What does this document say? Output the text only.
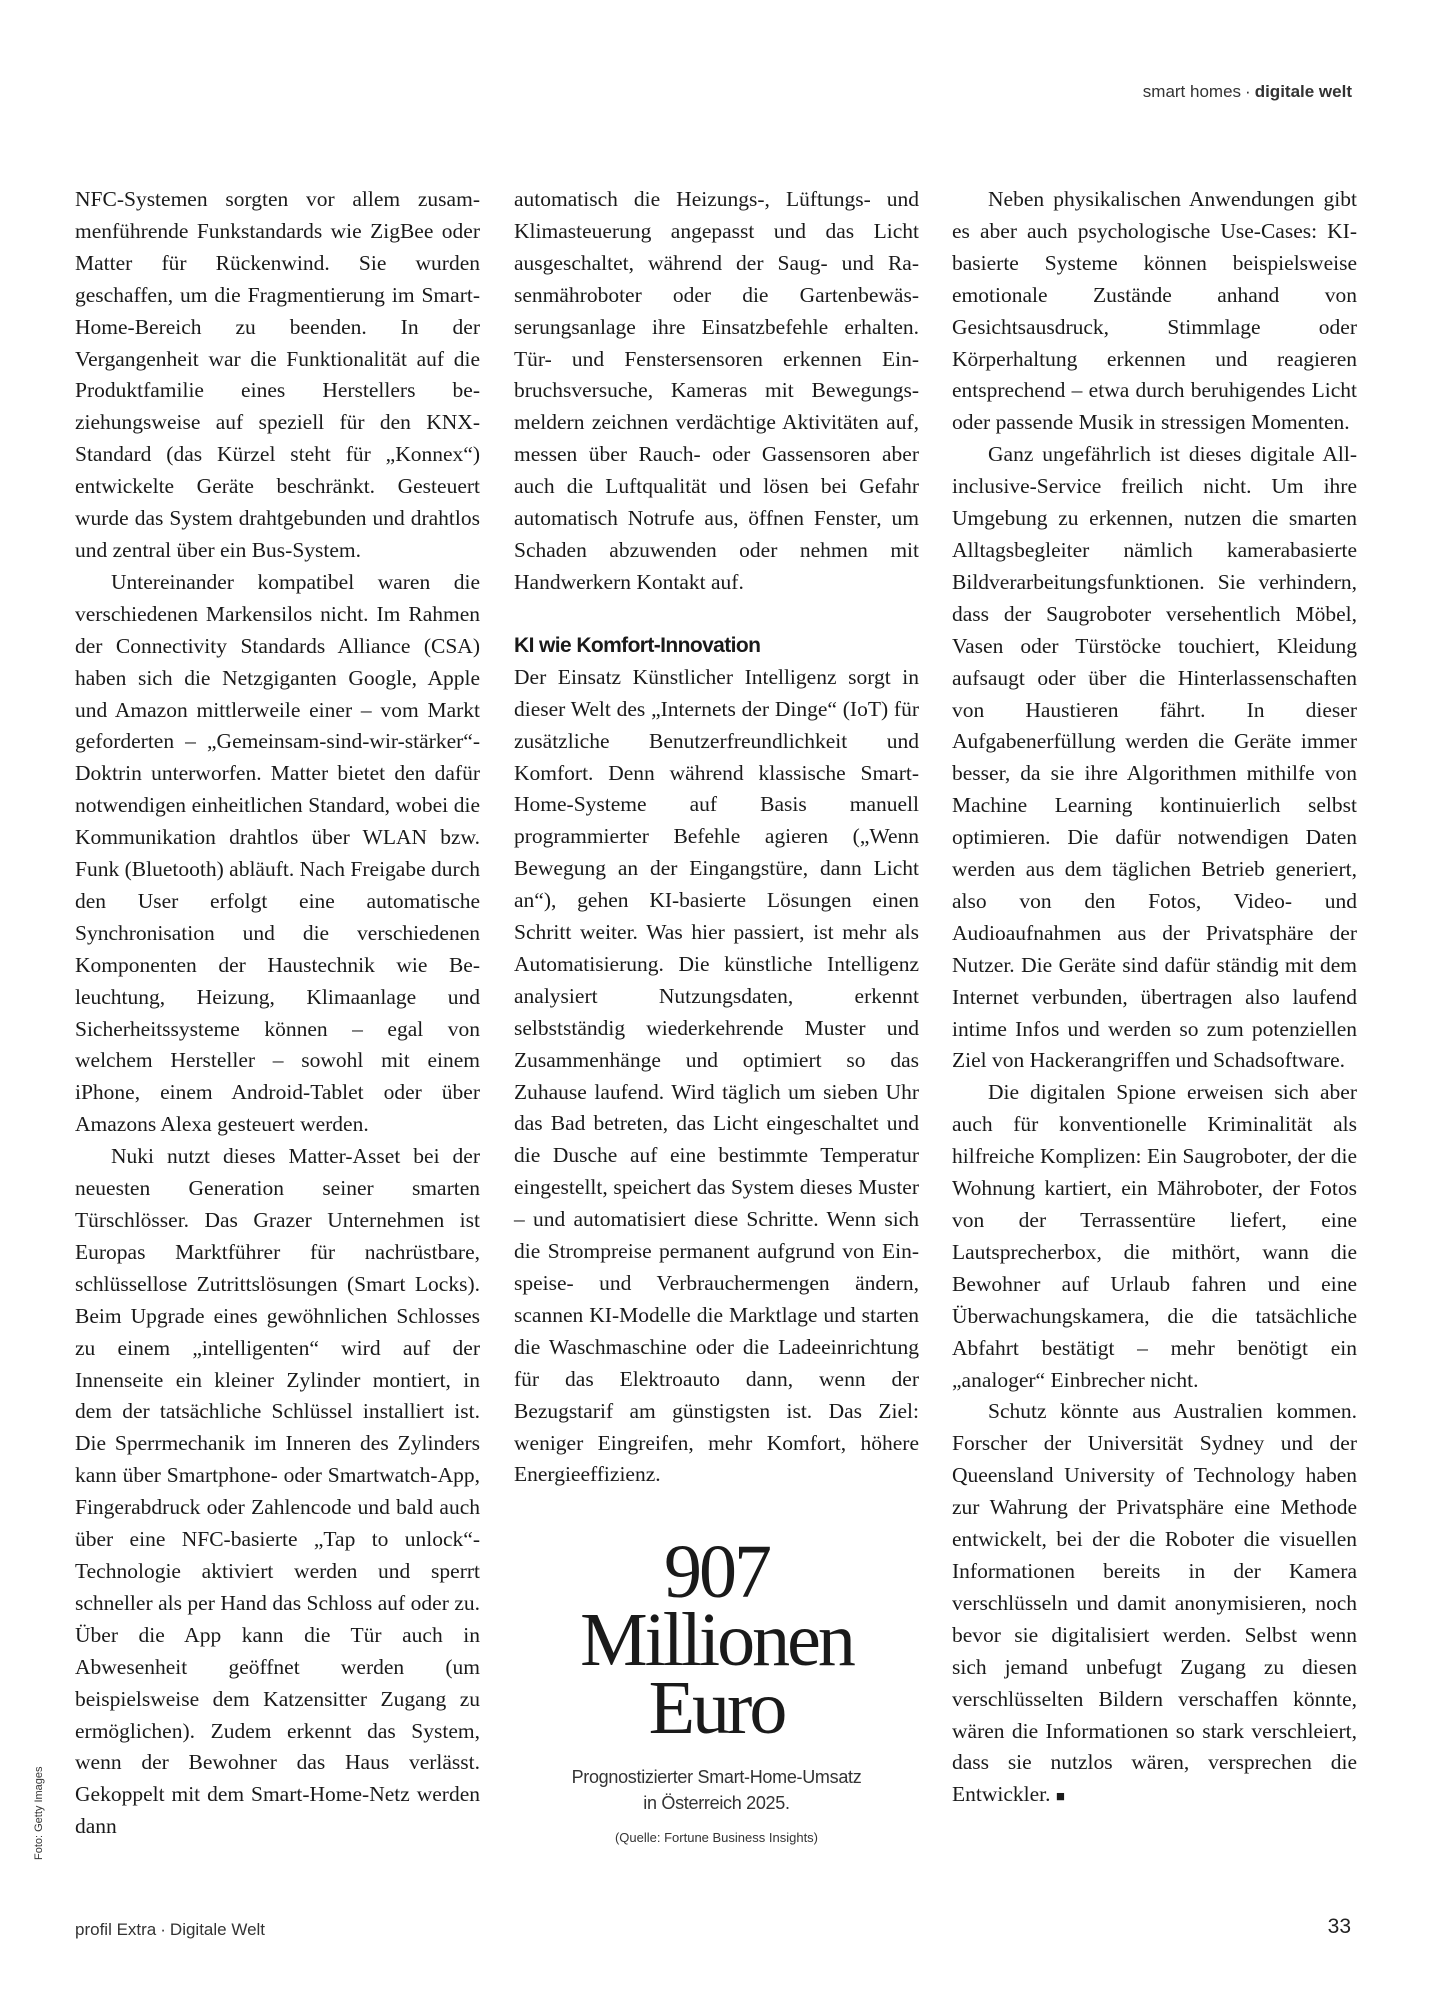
smart homes · digitale welt

NFC-Systemen sorgten vor allem zusammenführende Funkstandards wie ZigBee oder Matter für Rückenwind. Sie wurden geschaffen, um die Fragmentierung im Smart-Home-Bereich zu beenden. In der Vergangenheit war die Funktionalität auf die Produktfamilie eines Herstellers beziehungsweise auf speziell für den KNX-Standard (das Kürzel steht für „Konnex“) entwickelte Geräte beschränkt. Gesteuert wurde das System drahtgebunden und drahtlos und zentral über ein Bus-System.

Untereinander kompatibel waren die verschiedenen Markensilos nicht. Im Rahmen der Connectivity Standards Alliance (CSA) haben sich die Netzgiganten Google, Apple und Amazon mittlerweile einer – vom Markt geforderten – „Gemeinsam-sind-wir-stärker“-Doktrin unterworfen. Matter bietet den dafür notwendigen einheitlichen Standard, wobei die Kommunikation drahtlos über WLAN bzw. Funk (Bluetooth) abläuft. Nach Freigabe durch den User erfolgt eine automatische Synchronisation und die verschiedenen Komponenten der Haustechnik wie Beleuchtung, Heizung, Klimaanlage und Sicherheitssysteme können – egal von welchem Hersteller – sowohl mit einem iPhone, einem Android-Tablet oder über Amazons Alexa gesteuert werden.

Nuki nutzt dieses Matter-Asset bei der neuesten Generation seiner smarten Türschlösser. Das Grazer Unternehmen ist Europas Marktführer für nachrüstbare, schlüssellose Zutrittslösungen (Smart Locks). Beim Upgrade eines gewöhnlichen Schlosses zu einem „intelligenten“ wird auf der Innenseite ein kleiner Zylinder montiert, in dem der tatsächliche Schlüssel installiert ist. Die Sperrmechanik im Inneren des Zylinders kann über Smartphone- oder Smartwatch-App, Fingerabdruck oder Zahlencode und bald auch über eine NFC-basierte „Tap to unlock“-Technologie aktiviert werden und sperrt schneller als per Hand das Schloss auf oder zu. Über die App kann die Tür auch in Abwesenheit geöffnet werden (um beispielsweise dem Katzensitter Zugang zu ermöglichen). Zudem erkennt das System, wenn der Bewohner das Haus verlässt. Gekoppelt mit dem Smart-Home-Netz werden dann

automatisch die Heizungs-, Lüftungs- und Klimasteuerung angepasst und das Licht ausgeschaltet, während der Saug- und Rasenmähroboter oder die Gartenbewässerungsanlage ihre Einsatzbefehle erhalten. Tür- und Fenstersensoren erkennen Einbruchsversuche, Kameras mit Bewegungsmeldern zeichnen verdächtige Aktivitäten auf, messen über Rauch- oder Gassensoren aber auch die Luftqualität und lösen bei Gefahr automatisch Notrufe aus, öffnen Fenster, um Schaden abzuwenden oder nehmen mit Handwerkern Kontakt auf.

KI wie Komfort-Innovation

Der Einsatz Künstlicher Intelligenz sorgt in dieser Welt des „Internets der Dinge“ (IoT) für zusätzliche Benutzerfreundlichkeit und Komfort. Denn während klassische Smart-Home-Systeme auf Basis manuell programmierter Befehle agieren („Wenn Bewegung an der Eingangstüre, dann Licht an“), gehen KI-basierte Lösungen einen Schritt weiter. Was hier passiert, ist mehr als Automatisierung. Die künstliche Intelligenz analysiert Nutzungsdaten, erkennt selbstständig wiederkehrende Muster und Zusammenhänge und optimiert so das Zuhause laufend. Wird täglich um sieben Uhr das Bad betreten, das Licht eingeschaltet und die Dusche auf eine bestimmte Temperatur eingestellt, speichert das System dieses Muster – und automatisiert diese Schritte. Wenn sich die Strompreise permanent aufgrund von Einspeise- und Verbrauchermengen ändern, scannen KI-Modelle die Marktlage und starten die Waschmaschine oder die Ladeeinrichtung für das Elektroauto dann, wenn der Bezugstarif am günstigsten ist. Das Ziel: weniger Eingreifen, mehr Komfort, höhere Energieeffizienz.

Neben physikalischen Anwendungen gibt es aber auch psychologische Use-Cases: KI-basierte Systeme können beispielsweise emotionale Zustände anhand von Gesichtsausdruck, Stimmlage oder Körperhaltung erkennen und reagieren entsprechend – etwa durch beruhigendes Licht oder passende Musik in stressigen Momenten.

Ganz ungefährlich ist dieses digitale All-inclusive-Service freilich nicht. Um ihre Umgebung zu erkennen, nutzen die smarten Alltagsbegleiter nämlich kamerabasierte Bildverarbeitungsfunktionen. Sie verhindern, dass der Saugroboter versehentlich Möbel, Vasen oder Türstöcke touchiert, Kleidung aufsaugt oder über die Hinterlassenschaften von Haustieren fährt. In dieser Aufgabenerfüllung werden die Geräte immer besser, da sie ihre Algorithmen mithilfe von Machine Learning kontinuierlich selbst optimieren. Die dafür notwendigen Daten werden aus dem täglichen Betrieb generiert, also von den Fotos, Video- und Audioaufnahmen aus der Privatsphäre der Nutzer. Die Geräte sind dafür ständig mit dem Internet verbunden, übertragen also laufend intime Infos und werden so zum potenziellen Ziel von Hackerangriffen und Schadsoftware.

Die digitalen Spione erweisen sich aber auch für konventionelle Kriminalität als hilfreiche Komplizen: Ein Saugroboter, der die Wohnung kartiert, ein Mähroboter, der Fotos von der Terrassentüre liefert, eine Lautsprecherbox, die mithört, wann die Bewohner auf Urlaub fahren und eine Überwachungskamera, die die tatsächliche Abfahrt bestätigt – mehr benötigt ein „analoger“ Einbrecher nicht.

Schutz könnte aus Australien kommen. Forscher der Universität Sydney und der Queensland University of Technology haben zur Wahrung der Privatsphäre eine Methode entwickelt, bei der die Roboter die visuellen Informationen bereits in der Kamera verschlüsseln und damit anonymisieren, noch bevor sie digitalisiert werden. Selbst wenn sich jemand unbefugt Zugang zu diesen verschlüsselten Bildern verschaffen könnte, wären die Informationen so stark verschleiert, dass sie nutzlos wären, versprechen die Entwickler. ■

907
Millionen
Euro
Prognostizierter Smart-Home-Umsatz
in Österreich 2025.
(Quelle: Fortune Business Insights)
Foto: Getty Images
profil Extra · Digitale Welt	33
